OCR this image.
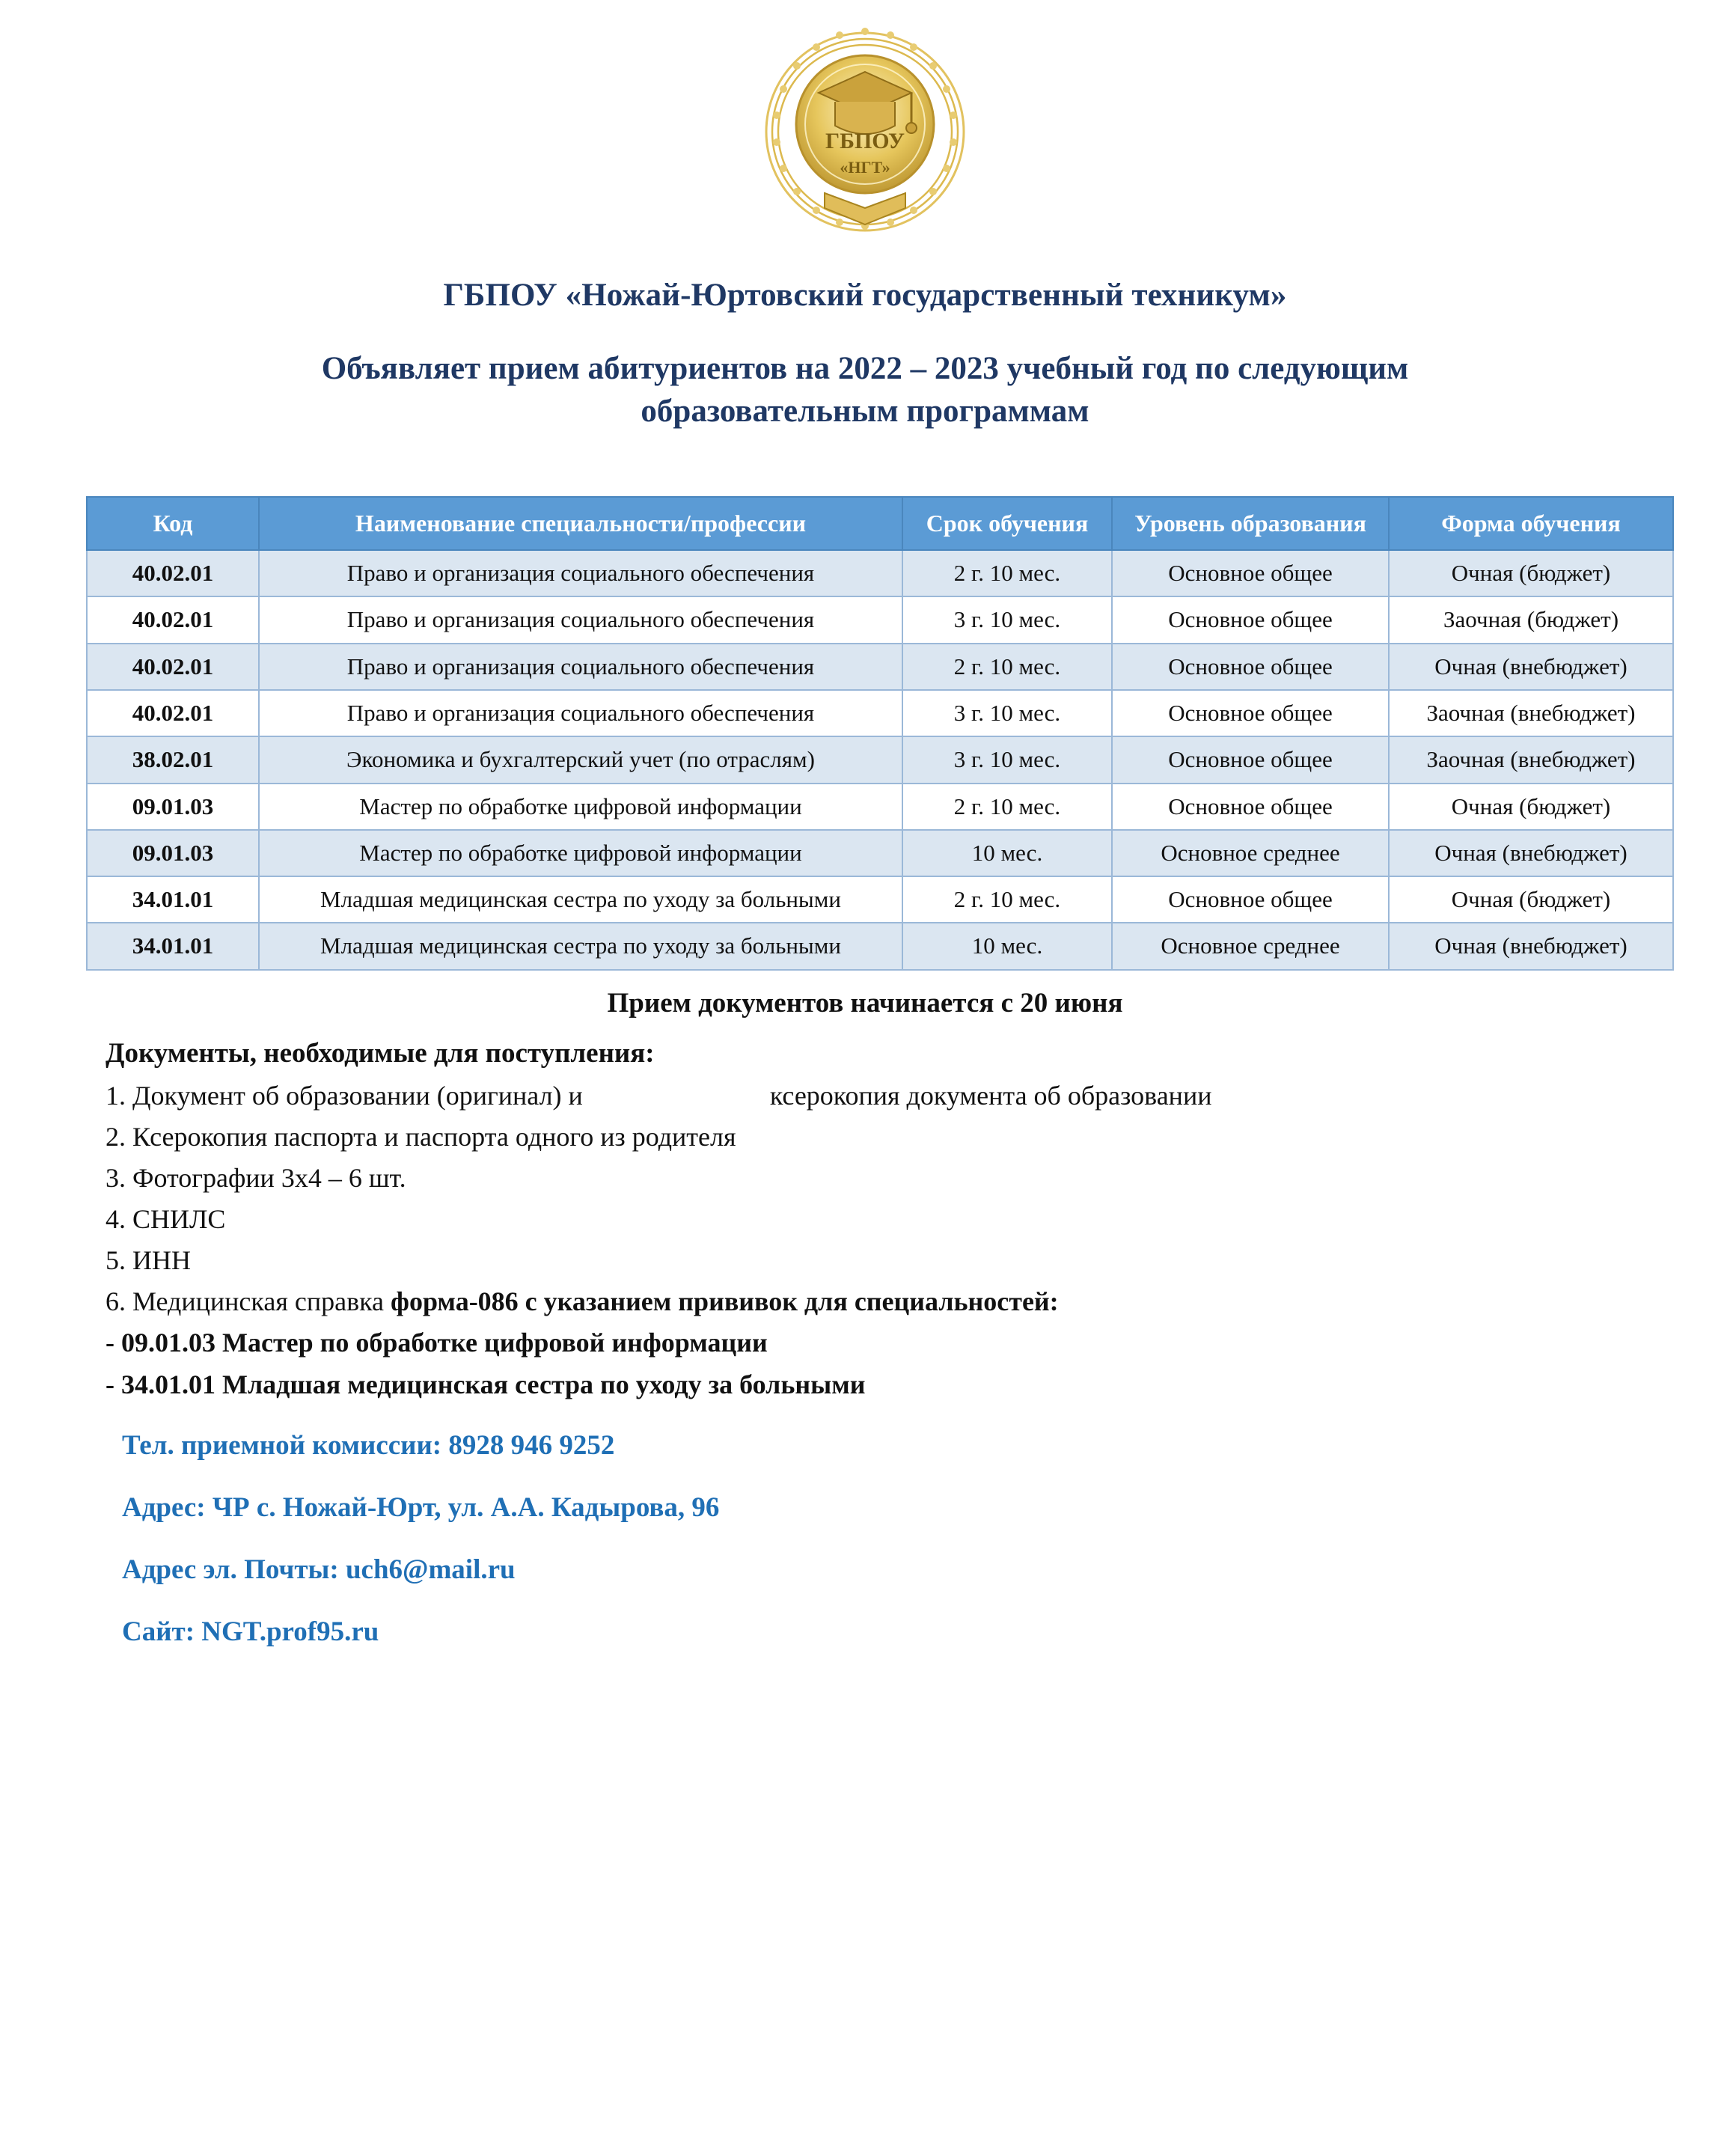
ГБПОУ
«НГТ»
ГБПОУ «Ножай-Юртовский государственный техникум»
Объявляет прием абитуриентов на 2022 – 2023 учебный год по следующим образовательным программам
Код	Наименование специальности/профессии	Срок обучения	Уровень образования	Форма обучения
40.02.01	Право и организация социального обеспечения	2 г. 10 мес.	Основное общее	Очная (бюджет)
40.02.01	Право и организация социального обеспечения	3 г. 10 мес.	Основное общее	Заочная (бюджет)
40.02.01	Право и организация социального обеспечения	2 г. 10 мес.	Основное общее	Очная (внебюджет)
40.02.01	Право и организация социального обеспечения	3 г. 10 мес.	Основное общее	Заочная (внебюджет)
38.02.01	Экономика и бухгалтерский учет (по отраслям)	3 г. 10 мес.	Основное общее	Заочная (внебюджет)
09.01.03	Мастер по обработке цифровой информации	2 г. 10 мес.	Основное общее	Очная (бюджет)
09.01.03	Мастер по обработке цифровой информации	10 мес.	Основное среднее	Очная (внебюджет)
34.01.01	Младшая медицинская сестра по уходу за больными	2 г. 10 мес.	Основное общее	Очная (бюджет)
34.01.01	Младшая медицинская сестра по уходу за больными	10 мес.	Основное среднее	Очная (внебюджет)
Прием документов начинается с 20 июня
Документы, необходимые для поступления:
1. Документ об образовании (оригинал) и	ксерокопия документа об образовании
2. Ксерокопия паспорта и паспорта одного из родителя
3. Фотографии 3х4 – 6 шт.
4. СНИЛС
5. ИНН
6. Медицинская справка форма-086 с указанием прививок для специальностей:
- 09.01.03 Мастер по обработке цифровой информации
- 34.01.01 Младшая медицинская сестра по уходу за больными
Тел. приемной комиссии: 8928 946 9252
Адрес: ЧР с. Ножай-Юрт, ул. А.А. Кадырова, 96
Адрес эл. Почты: uch6@mail.ru
Сайт: NGT.prof95.ru
